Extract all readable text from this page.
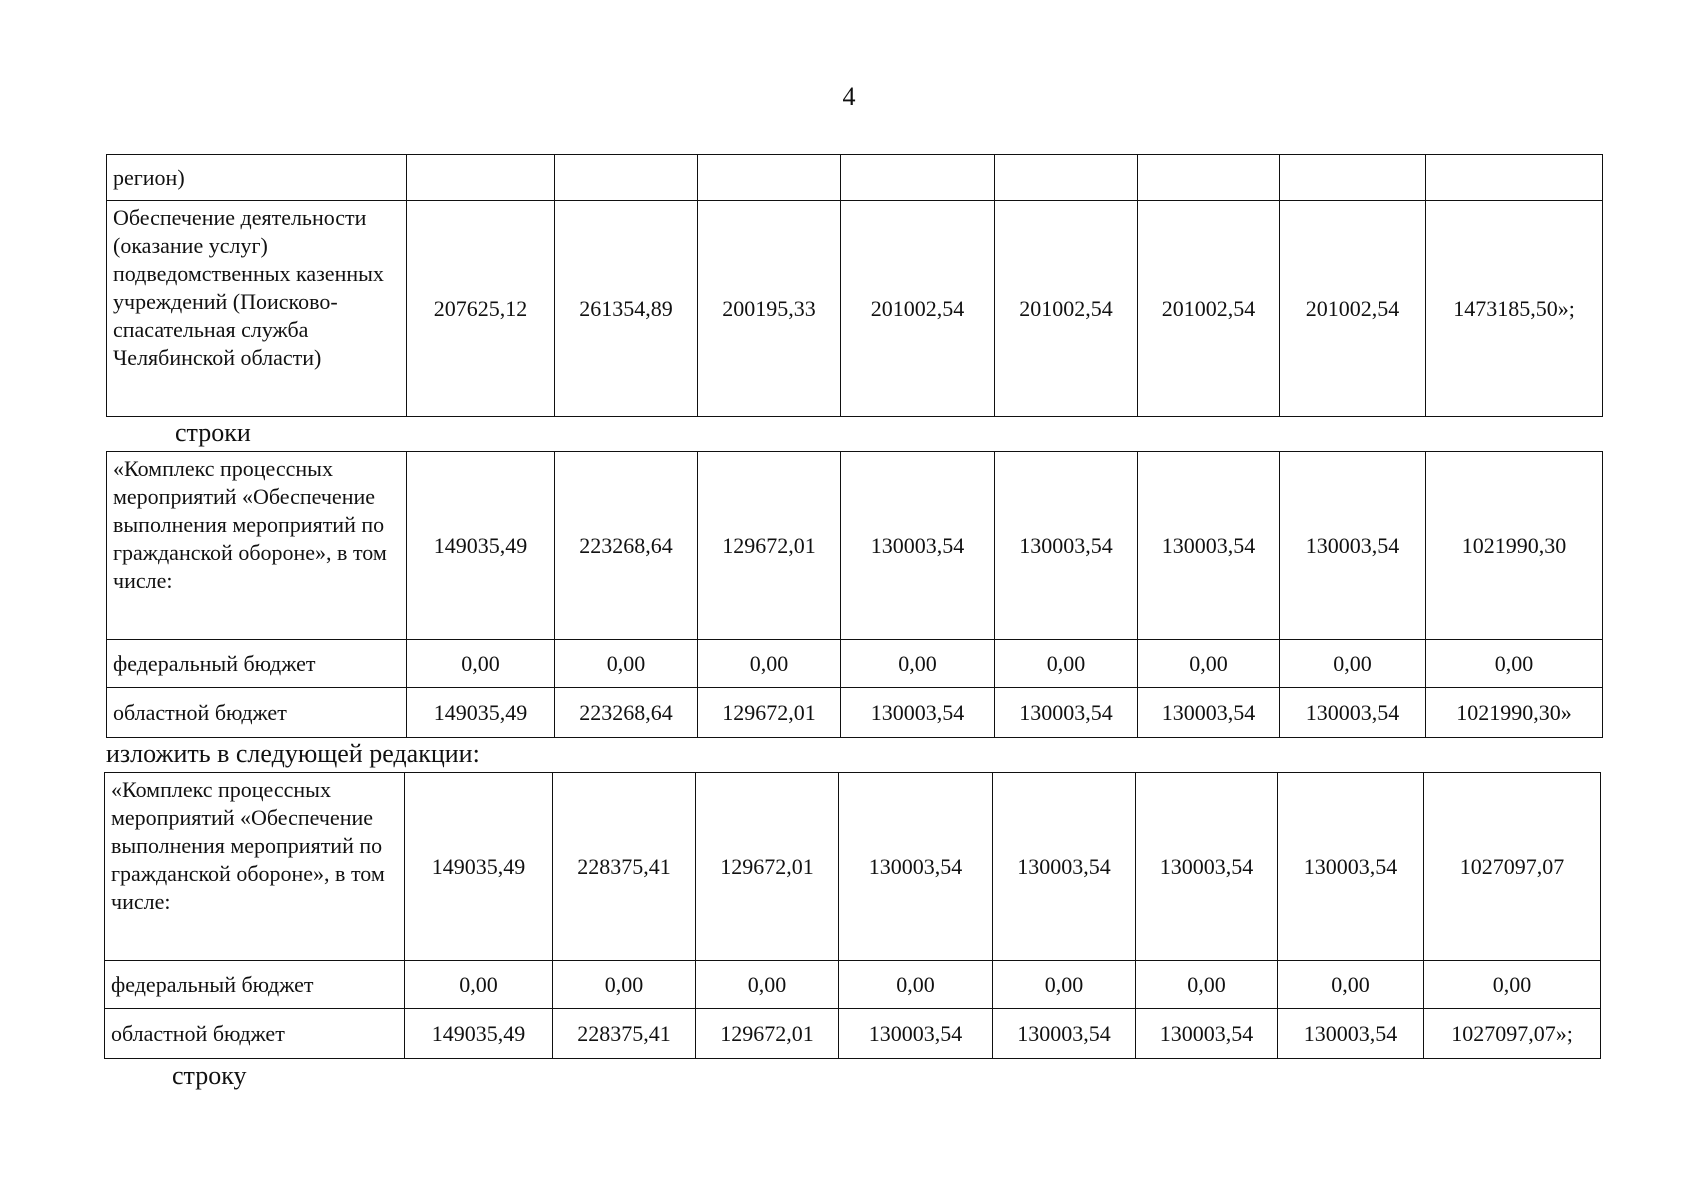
4
регион)								
Обеспечение деятельности (оказание услуг) подведомственных казенных учреждений (Поисково-спасательная служба Челябинской области)	207625,12	261354,89	200195,33	201002,54	201002,54	201002,54	201002,54	1473185,50»;
строки
«Комплекс процессных мероприятий «Обеспечение выполнения мероприятий по гражданской обороне», в том числе:	149035,49	223268,64	129672,01	130003,54	130003,54	130003,54	130003,54	1021990,30
федеральный бюджет	0,00	0,00	0,00	0,00	0,00	0,00	0,00	0,00
областной бюджет	149035,49	223268,64	129672,01	130003,54	130003,54	130003,54	130003,54	1021990,30»
изложить в следующей редакции:
«Комплекс процессных мероприятий «Обеспечение выполнения мероприятий по гражданской обороне», в том числе:	149035,49	228375,41	129672,01	130003,54	130003,54	130003,54	130003,54	1027097,07
федеральный бюджет	0,00	0,00	0,00	0,00	0,00	0,00	0,00	0,00
областной бюджет	149035,49	228375,41	129672,01	130003,54	130003,54	130003,54	130003,54	1027097,07»;
строку
